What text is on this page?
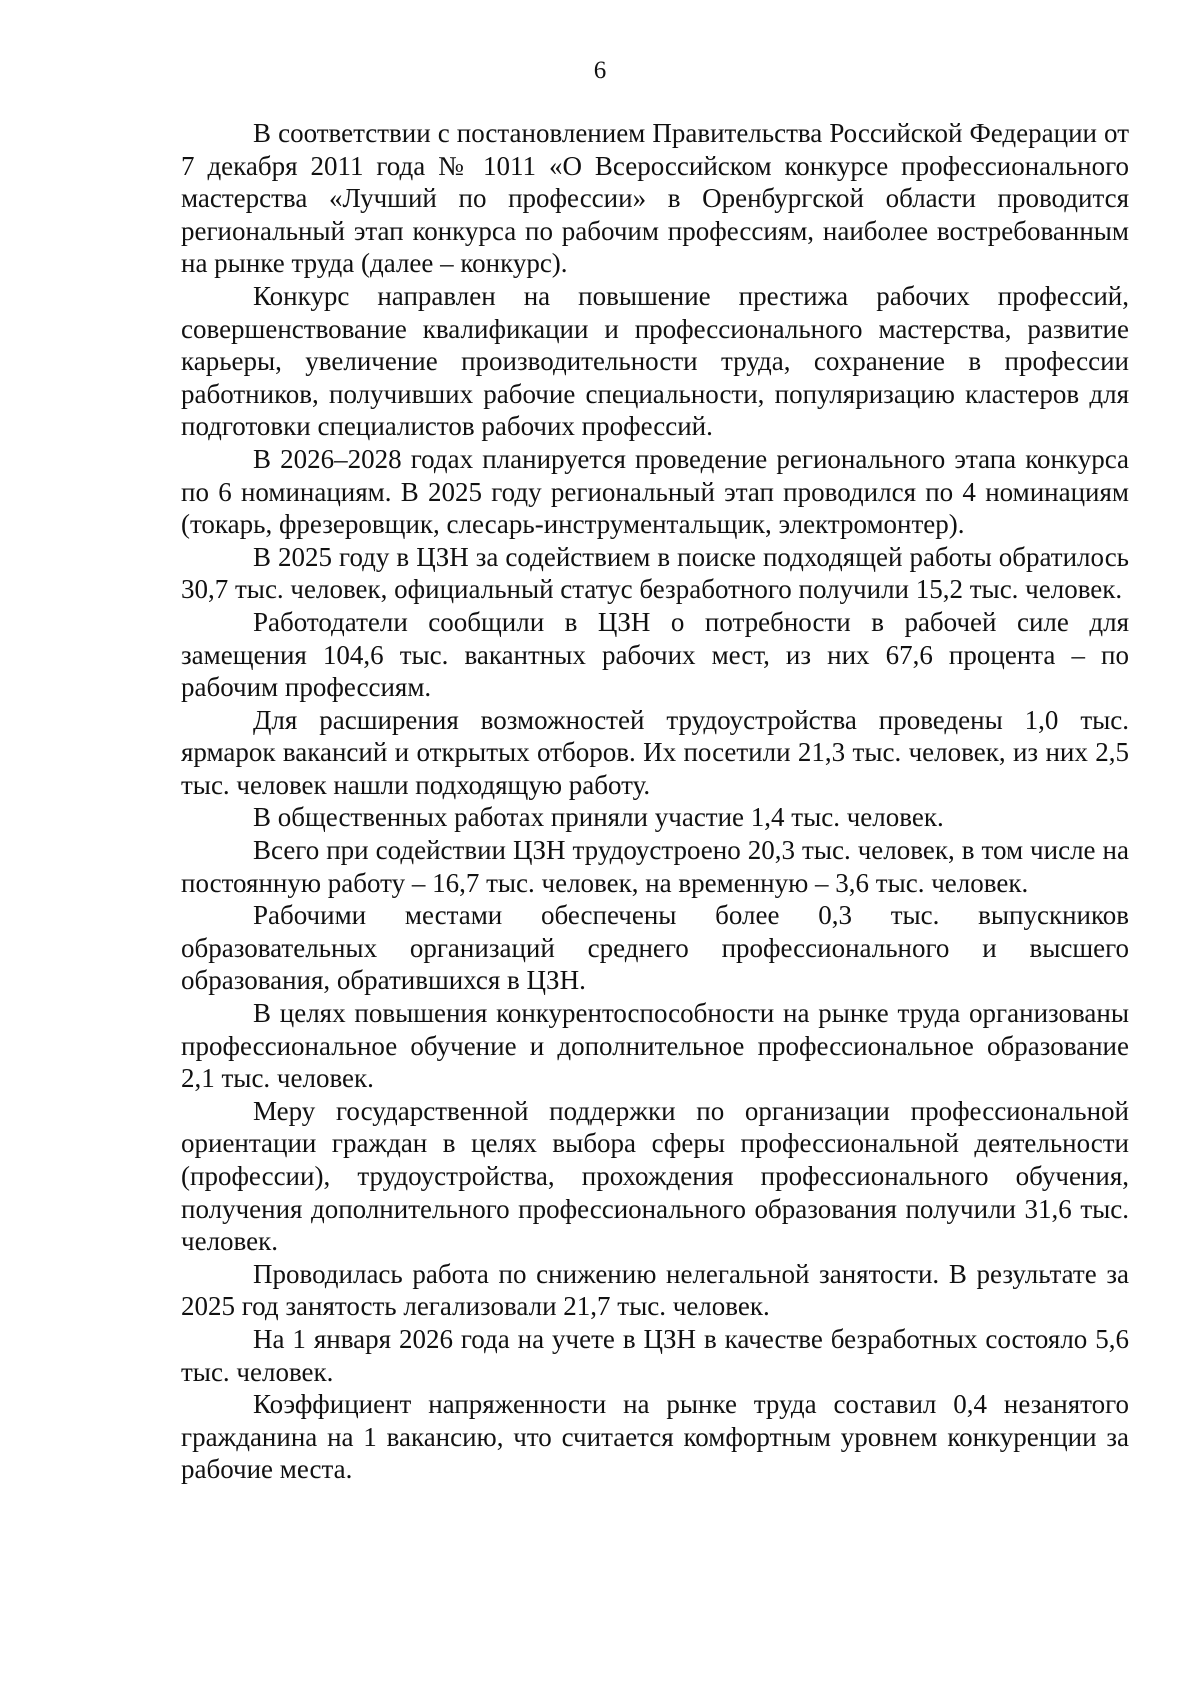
6

В соответствии с постановлением Правительства Российской Федерации от 7 декабря 2011 года № 1011 «О Всероссийском конкурсе профессионального мастерства «Лучший по профессии» в Оренбургской области проводится региональный этап конкурса по рабочим профессиям, наиболее востребованным на рынке труда (далее – конкурс).

Конкурс направлен на повышение престижа рабочих профессий, совершенствование квалификации и профессионального мастерства, развитие карьеры, увеличение производительности труда, сохранение в профессии работников, получивших рабочие специальности, популяризацию кластеров для подготовки специалистов рабочих профессий.

В 2026–2028 годах планируется проведение регионального этапа конкурса по 6 номинациям. В 2025 году региональный этап проводился по 4 номинациям (токарь, фрезеровщик, слесарь-инструментальщик, электромонтер).

В 2025 году в ЦЗН за содействием в поиске подходящей работы обратилось 30,7 тыс. человек, официальный статус безработного получили 15,2 тыс. человек.

Работодатели сообщили в ЦЗН о потребности в рабочей силе для замещения 104,6 тыс. вакантных рабочих мест, из них 67,6 процента – по рабочим профессиям.

Для расширения возможностей трудоустройства проведены 1,0 тыс. ярмарок вакансий и открытых отборов. Их посетили 21,3 тыс. человек, из них 2,5 тыс. человек нашли подходящую работу.

В общественных работах приняли участие 1,4 тыс. человек.

Всего при содействии ЦЗН трудоустроено 20,3 тыс. человек, в том числе на постоянную работу – 16,7 тыс. человек, на временную – 3,6 тыс. человек.

Рабочими местами обеспечены более 0,3 тыс. выпускников образовательных организаций среднего профессионального и высшего образования, обратившихся в ЦЗН.

В целях повышения конкурентоспособности на рынке труда организованы профессиональное обучение и дополнительное профессиональное образование 2,1 тыс. человек.

Меру государственной поддержки по организации профессиональной ориентации граждан в целях выбора сферы профессиональной деятельности (профессии), трудоустройства, прохождения профессионального обучения, получения дополнительного профессионального образования получили 31,6 тыс. человек.

Проводилась работа по снижению нелегальной занятости. В результате за 2025 год занятость легализовали 21,7 тыс. человек.

На 1 января 2026 года на учете в ЦЗН в качестве безработных состояло 5,6 тыс. человек.

Коэффициент напряженности на рынке труда составил 0,4 незанятого гражданина на 1 вакансию, что считается комфортным уровнем конкуренции за рабочие места.
